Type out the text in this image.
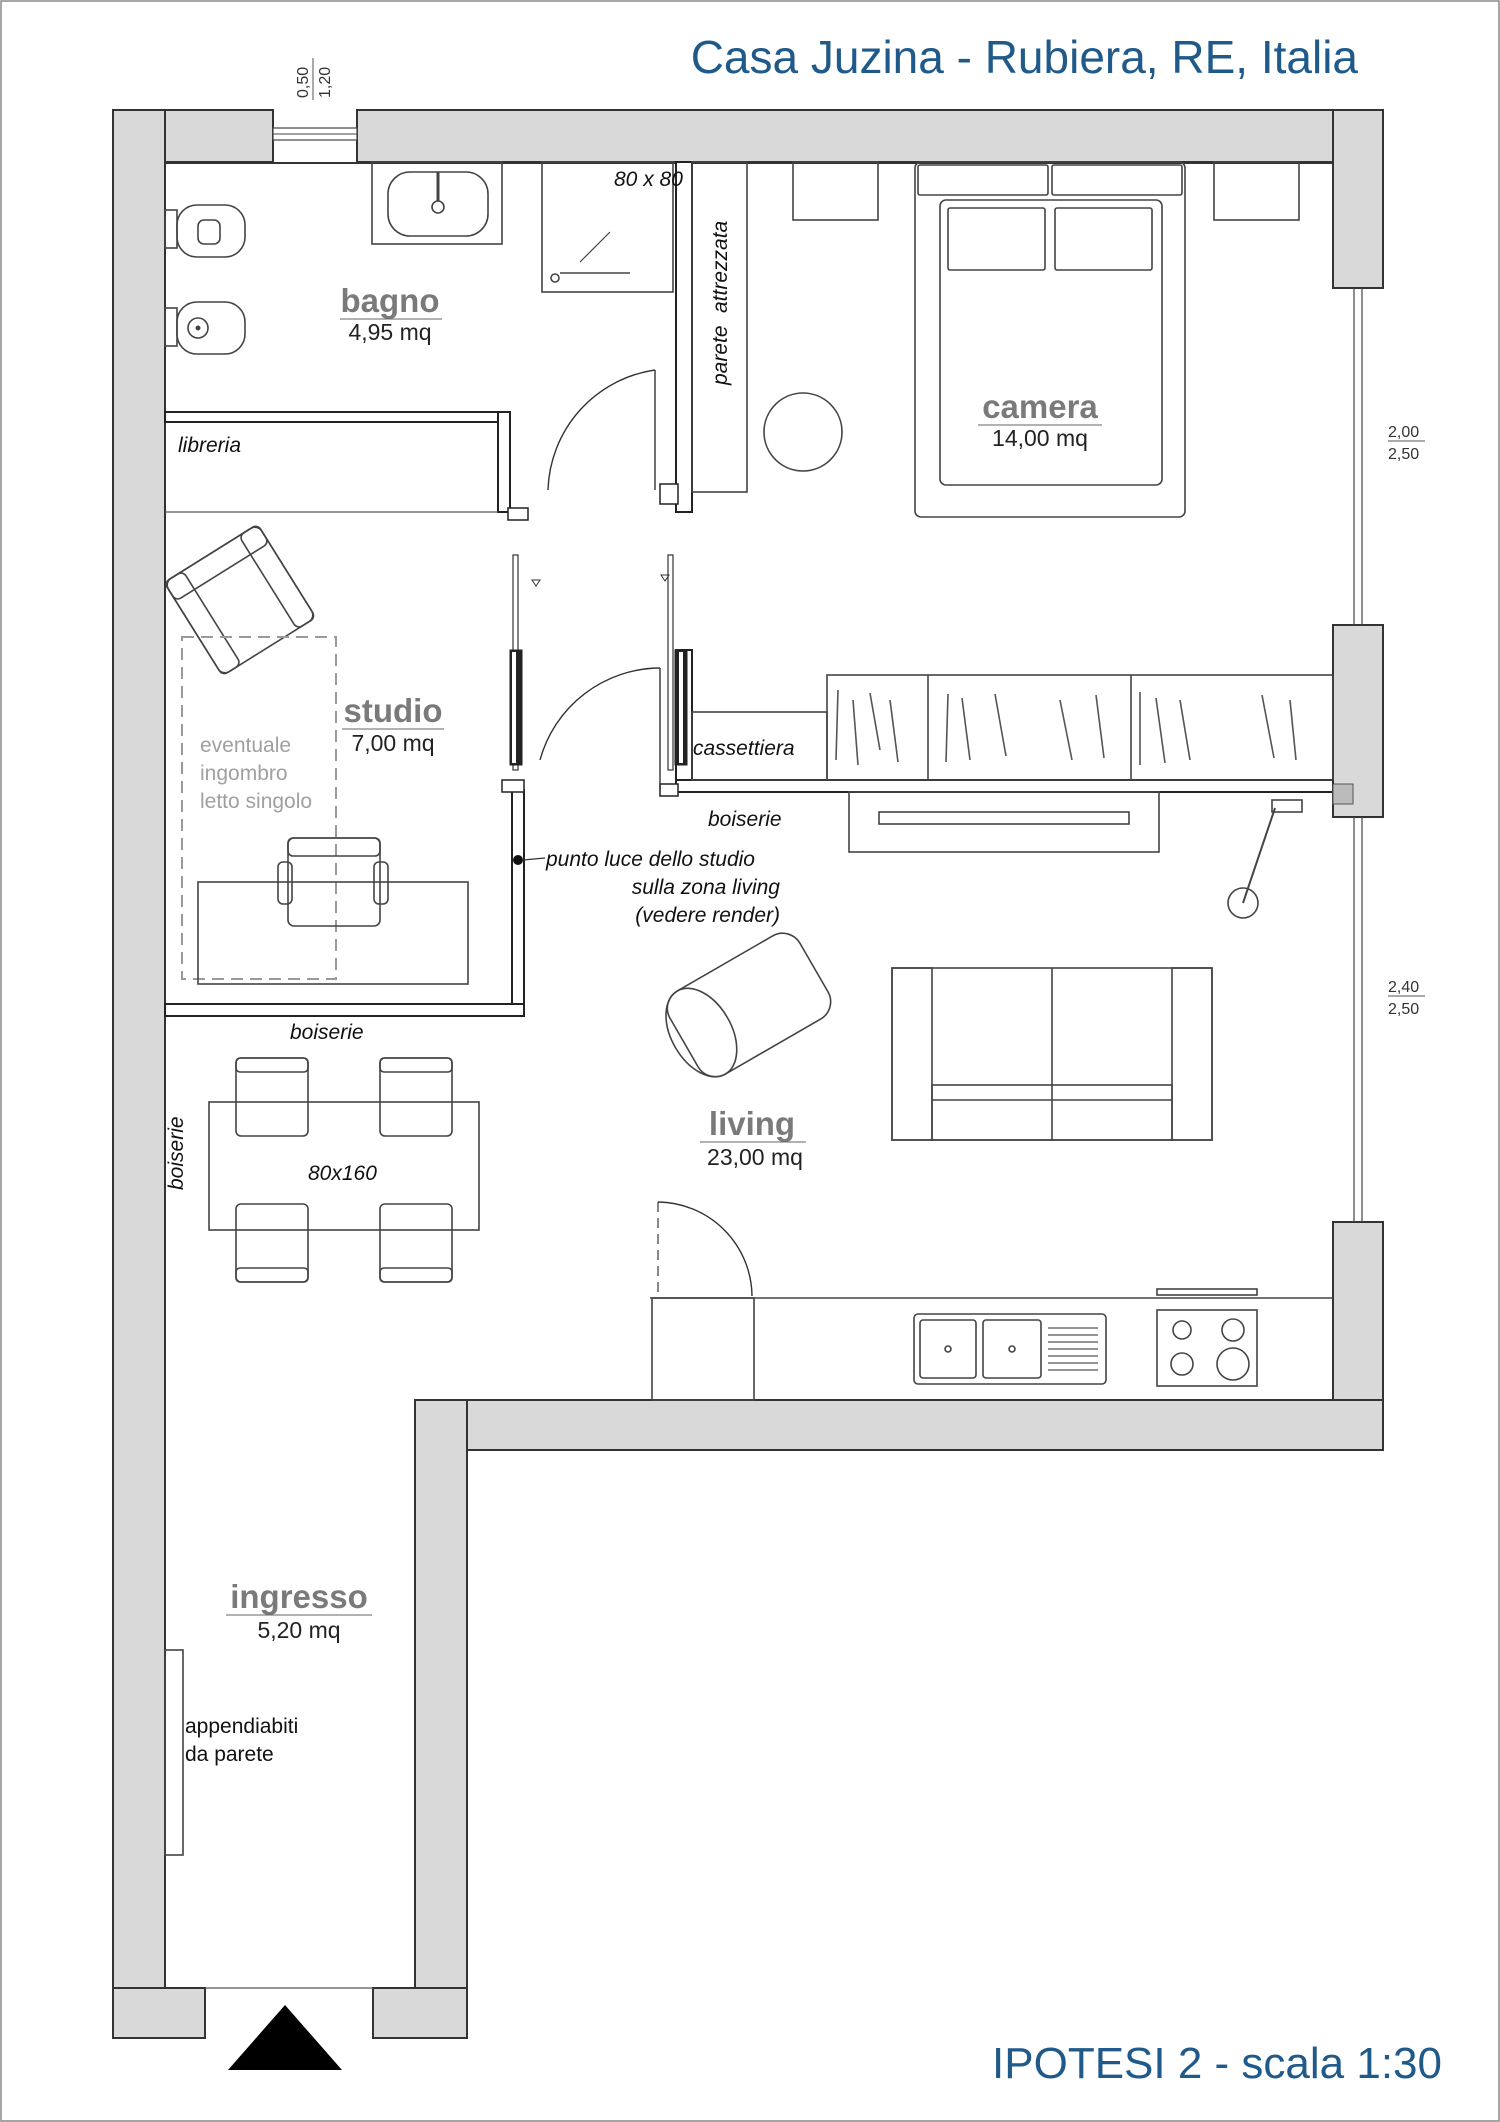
Casa Juzina - Rubiera, RE, Italia
IPOTESI 2 - scala 1:30
bagno
4,95 mq
camera
14,00 mq
studio
7,00 mq
living
23,00 mq
ingresso
5,20 mq
80 x 80
parete
attrezzata
libreria
cassettiera
boiserie
boiserie
boiserie
eventuale
ingombro
letto singolo
punto luce dello studio
sulla zona living
(vedere render)
80x160
appendiabiti
da parete
0,50 1,20
2,00
2,50
2,40
2,50
